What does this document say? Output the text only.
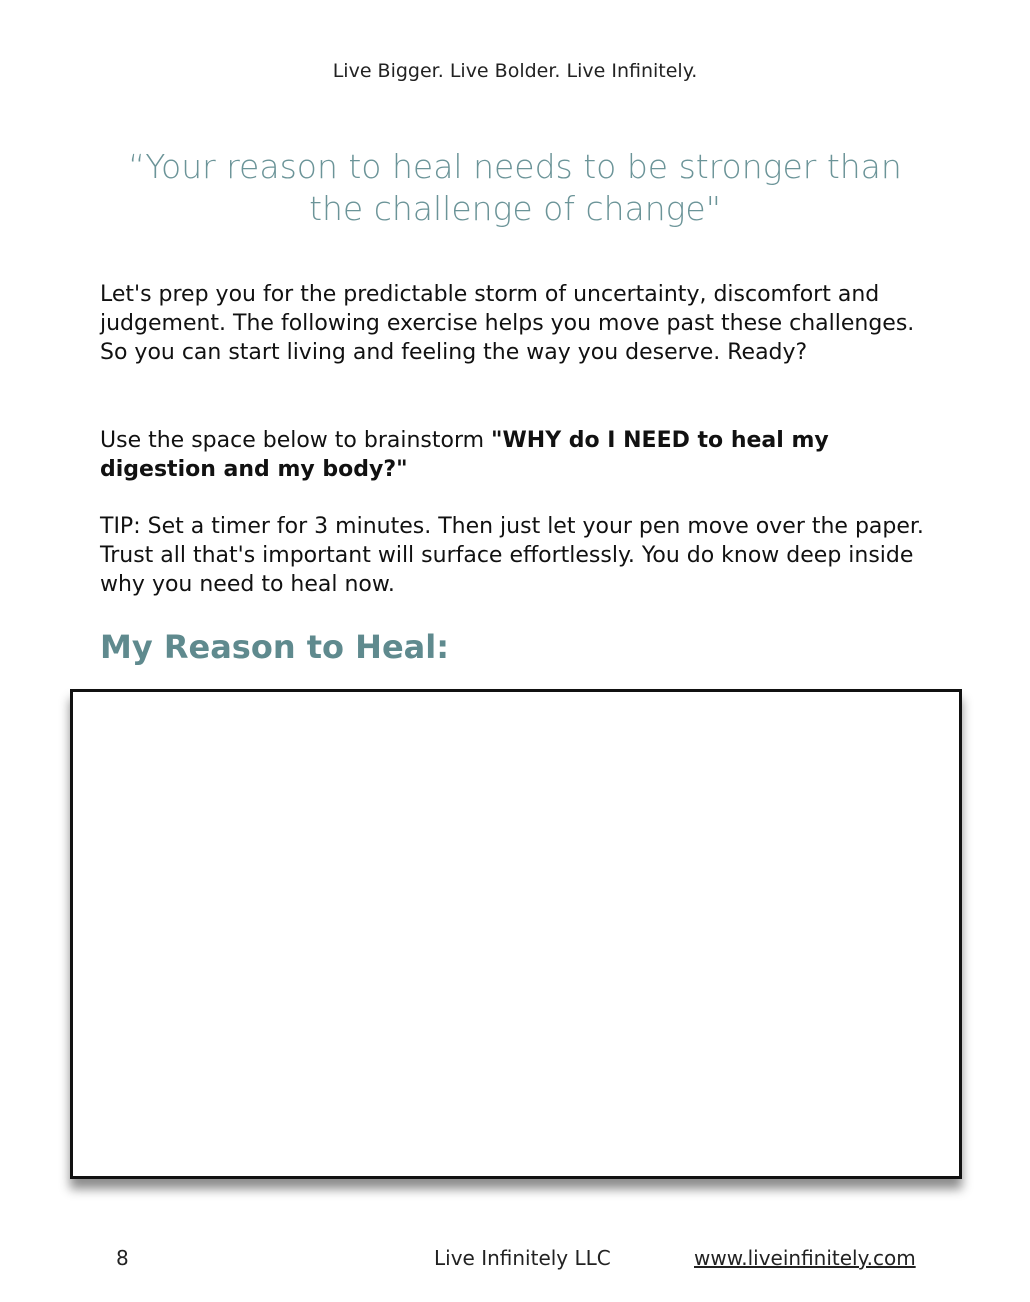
Live Bigger. Live Bolder. Live Infinitely.
“Your reason to heal needs to be stronger than
the challenge of change"

Let's prep you for the predictable storm of uncertainty, discomfort and judgement. The following exercise helps you move past these challenges. So you can start living and feeling the way you deserve. Ready?

Use the space below to brainstorm "WHY do I NEED to heal my digestion and my body?"

TIP: Set a timer for 3 minutes. Then just let your pen move over the paper. Trust all that's important will surface effortlessly. You do know deep inside why you need to heal now.

My Reason to Heal:
8	Live Infinitely LLC	www.liveinfinitely.com
